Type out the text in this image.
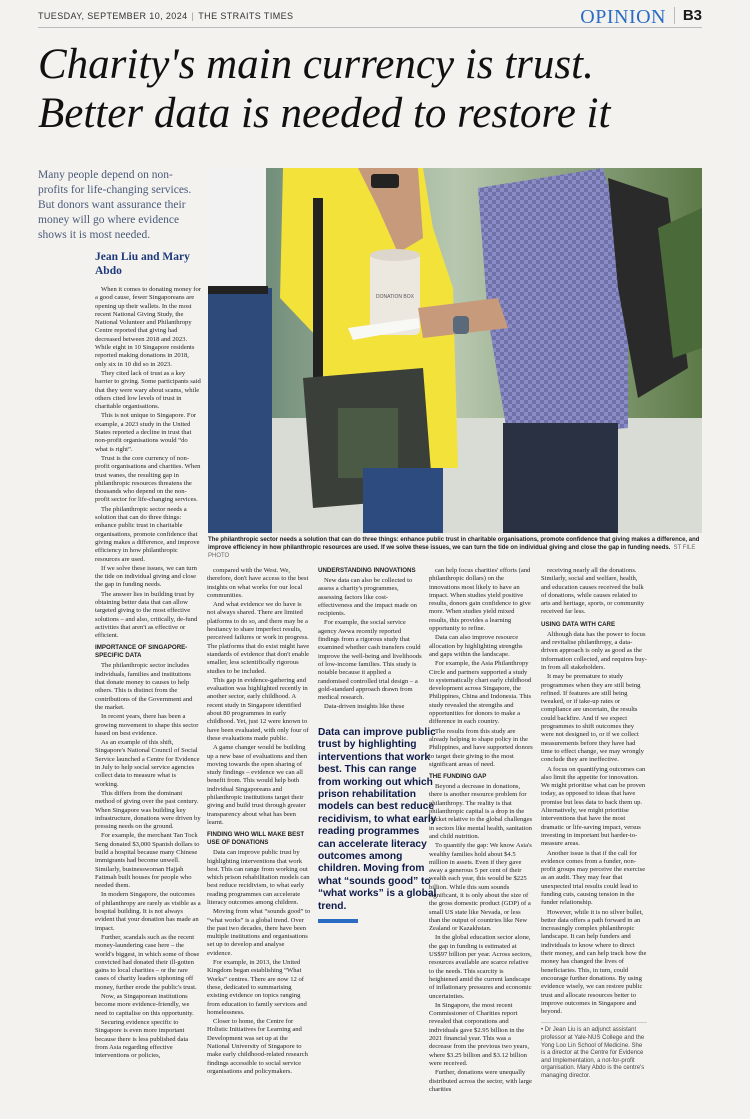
TUESDAY, SEPTEMBER 10, 2024 | THE STRAITS TIMES	OPINION	B3
Charity's main currency is trust. Better data is needed to restore it
Many people depend on non-profits for life-changing services. But donors want assurance their money will go where evidence shows it is most needed.
Jean Liu and Mary Abdo
DONATION BOX
The philanthropic sector needs a solution that can do three things: enhance public trust in charitable organisations, promote confidence that giving makes a difference, and improve efficiency in how philanthropic resources are used. If we solve these issues, we can turn the tide on individual giving and close the gap in funding needs. ST FILE PHOTO

When it comes to donating money for a good cause, fewer Singaporeans are opening up their wallets. In the most recent National Giving Study, the National Volunteer and Philanthropy Centre reported that giving had decreased between 2018 and 2023. While eight in 10 Singapore residents reported making donations in 2018, only six in 10 did so in 2023.

They cited lack of trust as a key barrier to giving. Some participants said that they were wary about scams, while others cited low levels of trust in charitable organisations.

This is not unique to Singapore. For example, a 2023 study in the United States reported a decline in trust that non-profit organisations would “do what is right”.

Trust is the core currency of non-profit organisations and charities. When trust wanes, the resulting gap in philanthropic resources threatens the thousands who depend on the non-profit sector for life-changing services.

The philanthropic sector needs a solution that can do three things: enhance public trust in charitable organisations, promote confidence that giving makes a difference, and improve efficiency in how philanthropic resources are used.

If we solve these issues, we can turn the tide on individual giving and close the gap in funding needs.

The answer lies in building trust by obtaining better data that can allow targeted giving to the most effective solutions – and also, critically, de-fund activities that aren't as effective or efficient.

IMPORTANCE OF SINGAPORE-SPECIFIC DATA

The philanthropic sector includes individuals, families and institutions that donate money to causes to help others. This is distinct from the contributions of the Government and the market.

In recent years, there has been a growing movement to shape this sector based on best evidence.

As an example of this shift, Singapore's National Council of Social Service launched a Centre for Evidence in July to help social service agencies collect data to measure what is working.

This differs from the dominant method of giving over the past century. When Singapore was building key infrastructure, donations were driven by pressing needs on the ground.

For example, the merchant Tan Tock Seng donated $3,000 Spanish dollars to build a hospital because many Chinese immigrants had become unwell. Similarly, businesswoman Hajjah Fatimah built houses for people who needed them.

In modern Singapore, the outcomes of philanthropy are rarely as visible as a hospital building. It is not always evident that your donation has made an impact.

Further, scandals such as the recent money-laundering case here – the world's biggest, in which some of those convicted had donated their ill-gotten gains to local charities – or the rare cases of charity leaders siphoning off money, further erode the public's trust.

Now, as Singaporean institutions become more evidence-friendly, we need to capitalise on this opportunity.

Securing evidence specific to Singapore is even more important because there is less published data from Asia regarding effective interventions or policies,

compared with the West. We, therefore, don't have access to the best insights on what works for our local communities.

And what evidence we do have is not always shared. There are limited platforms to do so, and there may be a hesitancy to share imperfect results, perceived failures or work in progress. The platforms that do exist might have standards of evidence that don't enable smaller, less scientifically rigorous studies to be included.

This gap in evidence-gathering and evaluation was highlighted recently in another sector, early childhood. A recent study in Singapore identified about 80 programmes in early childhood. Yet, just 12 were known to have been evaluated, with only four of these evaluations made public.

A game changer would be building up a new base of evaluations and then moving towards the open sharing of study findings – evidence we can all benefit from. This would help both individual Singaporeans and philanthropic institutions target their giving and build trust through greater transparency about what has been learnt.

FINDING WHO WILL MAKE BEST USE OF DONATIONS

Data can improve public trust by highlighting interventions that work best. This can range from working out which prison rehabilitation models can best reduce recidivism, to what early reading programmes can accelerate literacy outcomes among children.

Moving from what “sounds good” to “what works” is a global trend. Over the past two decades, there have been multiple institutions and organisations set up to develop and analyse evidence.

For example, in 2013, the United Kingdom began establishing “What Works” centres. There are now 12 of these, dedicated to summarising existing evidence on topics ranging from education to family services and homelessness.

Closer to home, the Centre for Holistic Initiatives for Learning and Development was set up at the National University of Singapore to make early childhood-related research findings accessible to social service organisations and policymakers.

UNDERSTANDING INNOVATIONS

New data can also be collected to assess a charity's programmes, assessing factors like cost-effectiveness and the impact made on recipients.

For example, the social service agency Awwa recently reported findings from a rigorous study that examined whether cash transfers could improve the well-being and livelihoods of low-income families. This study is notable because it applied a randomised controlled trial design – a gold-standard approach drawn from medical research.

Data-driven insights like these

Data can improve public trust by highlighting interventions that work best. This can range from working out which prison rehabilitation models can best reduce recidivism, to what early reading programmes can accelerate literacy outcomes among children. Moving from what “sounds good” to “what works” is a global trend.

can help focus charities' efforts (and philanthropic dollars) on the innovations most likely to have an impact. When studies yield positive results, donors gain confidence to give more. When studies yield mixed results, this provides a learning opportunity to refine.

Data can also improve resource allocation by highlighting strengths and gaps within the landscape.

For example, the Asia Philanthropy Circle and partners supported a study to systematically chart early childhood development across Singapore, the Philippines, China and Indonesia. This study revealed the strengths and opportunities for donors to make a difference in each country.

The results from this study are already helping to shape policy in the Philippines, and have supported donors to target their giving to the most significant areas of need.

THE FUNDING GAP

Beyond a decrease in donations, there is another resource problem for philanthropy. The reality is that philanthropic capital is a drop in the bucket relative to the global challenges in sectors like mental health, sanitation and child nutrition.

To quantify the gap: We know Asia's wealthy families hold about $4.5 million in assets. Even if they gave away a generous 5 per cent of their wealth each year, this would be $225 billion. While this sum sounds significant, it is only about the size of the gross domestic product (GDP) of a small US state like Nevada, or less than the output of countries like New Zealand or Kazakhstan.

In the global education sector alone, the gap in funding is estimated at US$97 billion per year. Across sectors, resources available are scarce relative to the needs. This scarcity is heightened amid the current landscape of inflationary pressures and economic uncertainties.

In Singapore, the most recent Commissioner of Charities report revealed that corporations and individuals gave $2.95 billion in the 2021 financial year. This was a decrease from the previous two years, where $3.25 billion and $3.12 billion were received.

Further, donations were unequally distributed across the sector, with large charities

receiving nearly all the donations. Similarly, social and welfare, health, and education causes received the bulk of donations, while causes related to arts and heritage, sports, or community received far less.

USING DATA WITH CARE

Although data has the power to focus and revitalise philanthropy, a data-driven approach is only as good as the information collected, and requires buy-in from all stakeholders.

It may be premature to study programmes when they are still being refined. If features are still being tweaked, or if take-up rates or compliance are uncertain, the results could backfire. And if we expect programmes to shift outcomes they were not designed to, or if we collect measurements before they have had time to effect change, we may wrongly conclude they are ineffective.

A focus on quantifying outcomes can also limit the appetite for innovation. We might prioritise what can be proven today, as opposed to ideas that have promise but less data to back them up. Alternatively, we might prioritise interventions that have the most dramatic or life-saving impact, versus investing in important but harder-to-measure areas.

Another issue is that if the call for evidence comes from a funder, non-profit groups may perceive the exercise as an audit. They may fear that unexpected trial results could lead to funding cuts, causing tension in the funder relationship.

However, while it is no silver bullet, better data offers a path forward in an increasingly complex philanthropic landscape. It can help funders and individuals to know where to direct their money, and can help track how the money has changed the lives of beneficiaries. This, in turn, could encourage further donations. By using evidence wisely, we can restore public trust and allocate resources better to improve outcomes in Singapore and beyond.

• Dr Jean Liu is an adjunct assistant professor at Yale-NUS College and the Yong Loo Lin School of Medicine. She is a director at the Centre for Evidence and Implementation, a not-for-profit organisation. Mary Abdo is the centre's managing director.
